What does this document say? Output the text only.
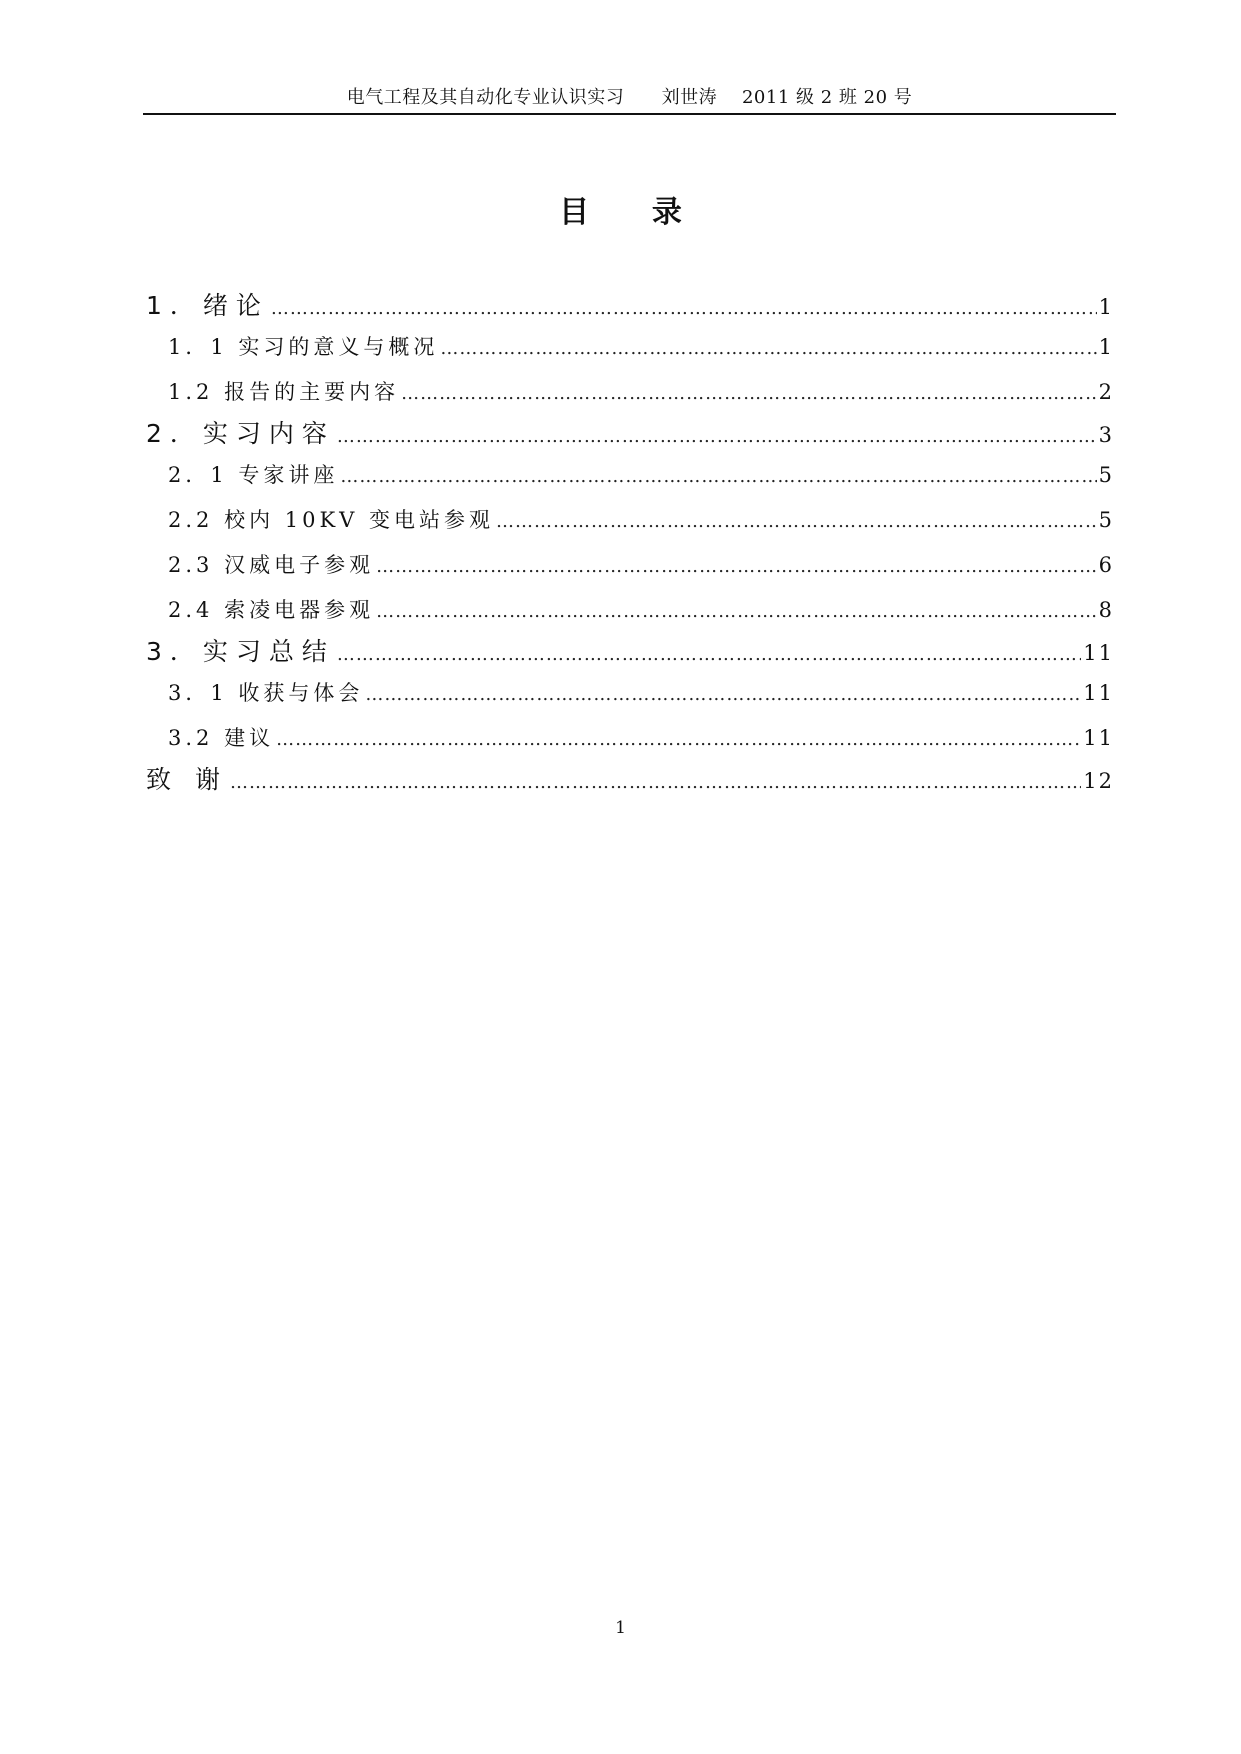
电气工程及其自动化专业认识实习      刘世涛    2011 级 2 班 20 号
目      录
1．绪论 ………………………………………………………………………………………………………………………………………………………………………………………………………………………………	1
1．1 实习的意义与概况 ………………………………………………………………………………………………………………………………………………………………………………………………………………………………	1
1.2 报告的主要内容 ………………………………………………………………………………………………………………………………………………………………………………………………………………………………	2
2．实习内容 ………………………………………………………………………………………………………………………………………………………………………………………………………………………………	3
2．1 专家讲座 ………………………………………………………………………………………………………………………………………………………………………………………………………………………………	5
2.2 校内 10KV 变电站参观 ………………………………………………………………………………………………………………………………………………………………………………………………………………………………	5
2.3 汉威电子参观 ………………………………………………………………………………………………………………………………………………………………………………………………………………………………	6
2.4 索凌电器参观 ………………………………………………………………………………………………………………………………………………………………………………………………………………………………	8
3．实习总结 ………………………………………………………………………………………………………………………………………………………………………………………………………………………………	11
3．1 收获与体会 ………………………………………………………………………………………………………………………………………………………………………………………………………………………………	11
3.2 建议 ………………………………………………………………………………………………………………………………………………………………………………………………………………………………	11
致 谢 ………………………………………………………………………………………………………………………………………………………………………………………………………………………………	12
1
